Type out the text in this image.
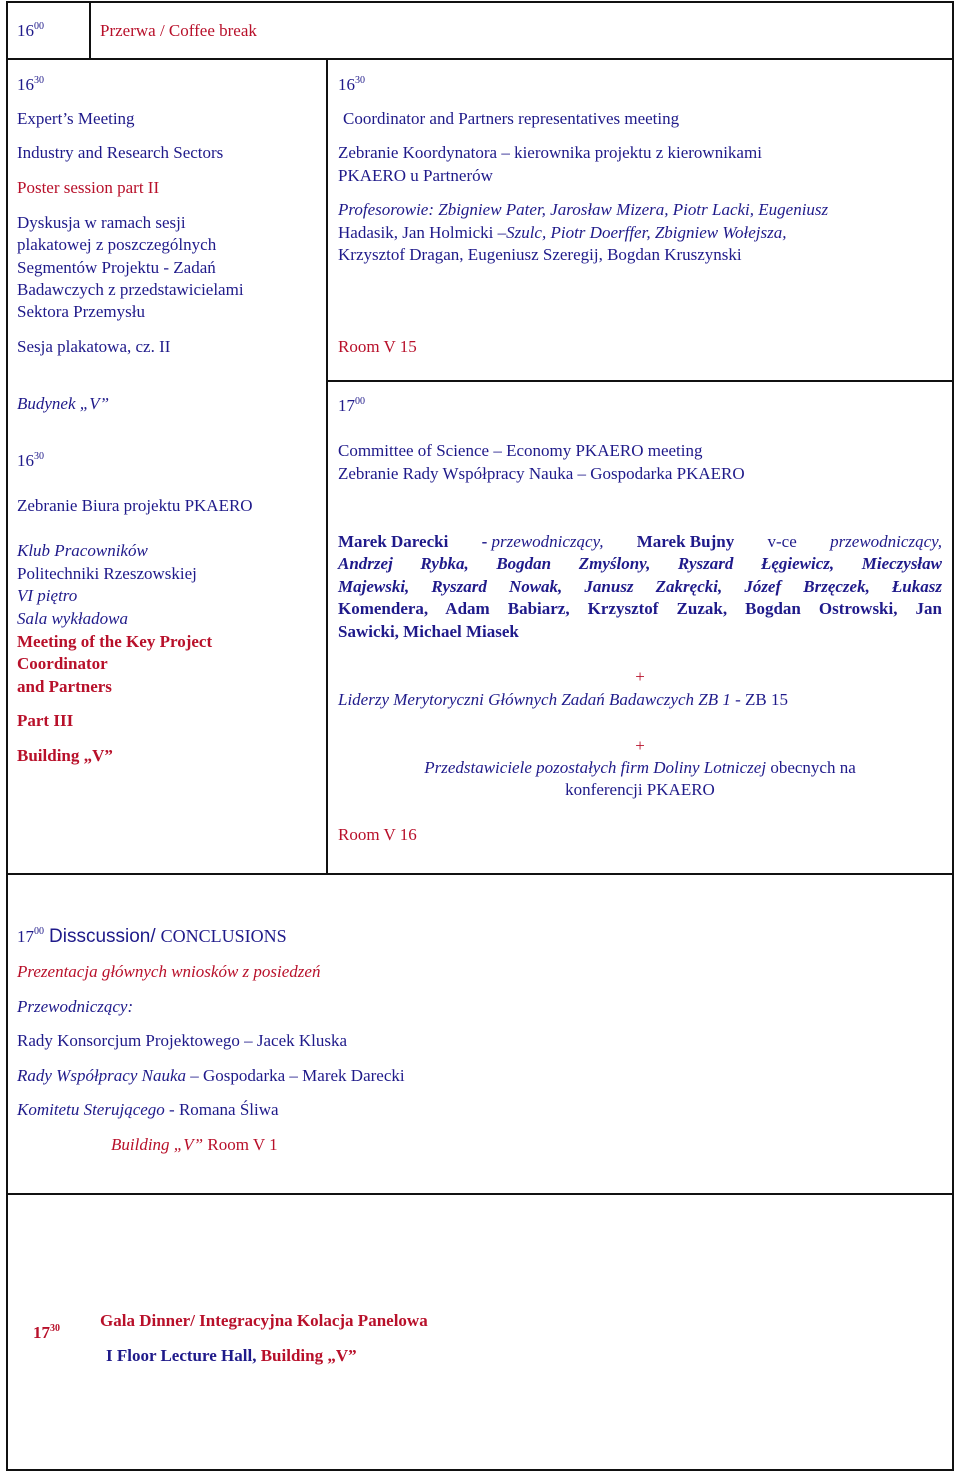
$16^{00}$	Przerwa / Coffee break
$16^{30}$
Expert’s Meeting
Industry and Research Sectors
Poster session part II
Dyskusja w ramach sesji
plakatowej z poszczególnych
Segmentów Projektu - Zadań
Badawczych z przedstawicielami
Sektora Przemysłu
Sesja plakatowa, cz. II
Budynek „V”
$16^{30}$
Coordinator and Partners representatives meeting
Zebranie Koordynatora – kierownika projektu z kierownikami
PKAERO u Partnerów
Profesorowie: Zbigniew Pater, Jarosław Mizera, Piotr Lacki, Eugeniusz
Hadasik, Jan Holmicki –Szulc, Piotr Doerffer, Zbigniew Wołejsza,
Krzysztof Dragan, Eugeniusz Szeregij, Bogdan Kruszynski
Room V 15
$16^{30}$
Zebranie Biura projektu PKAERO
Klub Pracowników
Politechniki Rzeszowskiej
VI piętro
Sala wykładowa
Meeting of the Key Project
Coordinator
and Partners
Part III
Building „V”
$17^{00}$
Committee of Science – Economy PKAERO meeting
Zebranie Rady Współpracy Nauka – Gospodarka PKAERO
Marek Darecki - przewodniczący, Marek Bujny v-ce przewodniczący,
Andrzej Rybka, Bogdan Zmyślony, Ryszard Łęgiewicz, Mieczysław
Majewski, Ryszard Nowak, Janusz Zakręcki, Józef Brzęczek, Łukasz
Komendera, Adam Babiarz, Krzysztof Zuzak, Bogdan Ostrowski, Jan
Sawicki, Michael Miasek
+
Liderzy Merytoryczni Głównych Zadań Badawczych ZB 1 - ZB 15
+
Przedstawiciele pozostałych firm Doliny Lotniczej obecnych na
konferencji PKAERO
Room V 16
$17^{00}$ Disscussion/ CONCLUSIONS
Prezentacja głównych wniosków z posiedzeń
Przewodniczący:
Rady Konsorcjum Projektowego – Jacek Kluska
Rady Współpracy Nauka – Gospodarka – Marek Darecki
Komitetu Sterującego - Romana Śliwa
Building „V” Room V 1
$17^{30}$ Gala Dinner/ Integracyjna Kolacja Panelowa
I Floor Lecture Hall, Building „V”
